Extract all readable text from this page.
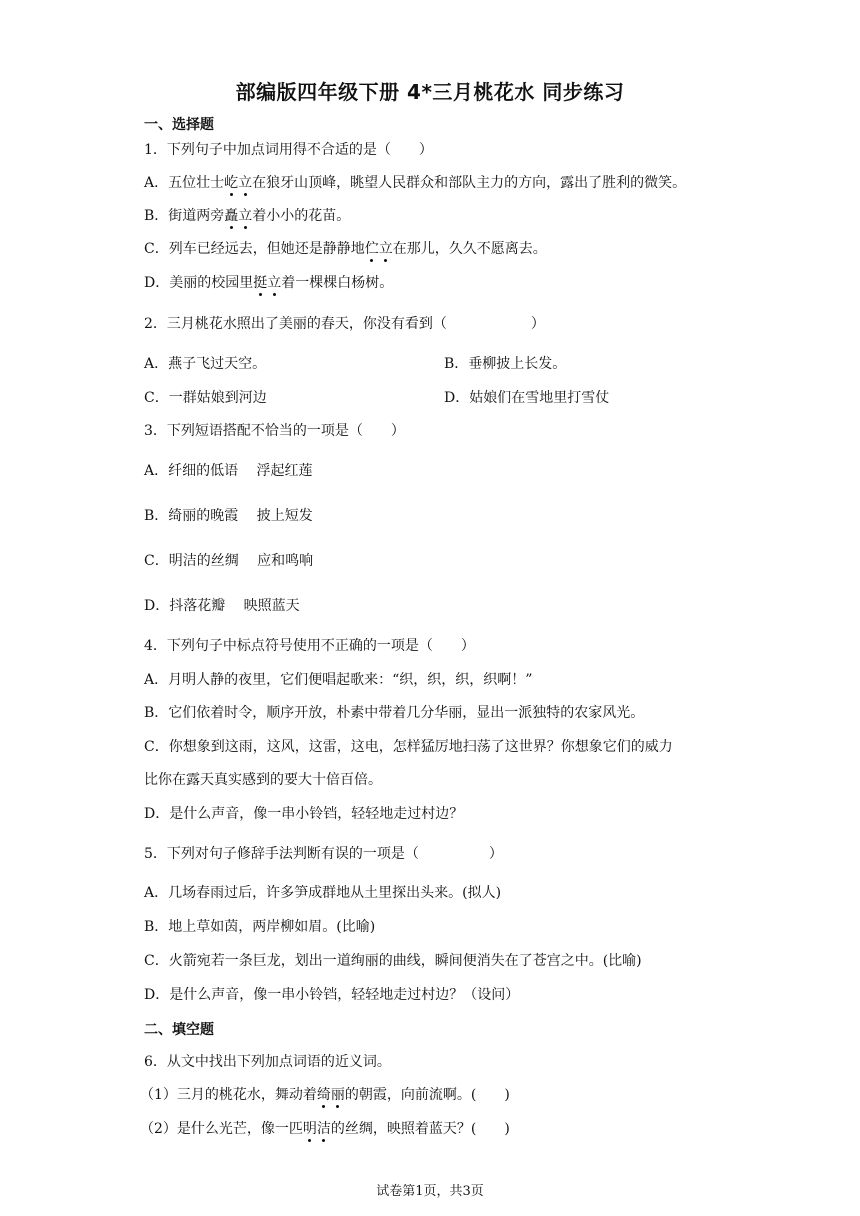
部编版四年级下册 4*三月桃花水 同步练习
一、选择题
1．下列句子中加点词用得不合适的是（　　）
A．五位壮士屹立在狼牙山顶峰，眺望人民群众和部队主力的方向，露出了胜利的微笑。
B．街道两旁矗立着小小的花苗。
C．列车已经远去，但她还是静静地伫立在那儿，久久不愿离去。
D．美丽的校园里挺立着一棵棵白杨树。
2．三月桃花水照出了美丽的春天，你没有看到（　　　　　　）
A．燕子飞过天空。	B．垂柳披上长发。
C．一群姑娘到河边	D．姑娘们在雪地里打雪仗
3．下列短语搭配不恰当的一项是（　　）
A．纤细的低语　 浮起红莲
B．绮丽的晚霞　 披上短发
C．明洁的丝绸　 应和鸣响
D．抖落花瓣　 映照蓝天
4．下列句子中标点符号使用不正确的一项是（　　）
A．月明人静的夜里，它们便唱起歌来：“织，织，织，织啊！”
B．它们依着时令，顺序开放，朴素中带着几分华丽，显出一派独特的农家风光。
C．你想象到这雨，这风，这雷，这电，怎样猛厉地扫荡了这世界？你想象它们的威力
比你在露天真实感到的要大十倍百倍。
D．是什么声音，像一串小铃铛，轻轻地走过村边？
5．下列对句子修辞手法判断有误的一项是（　　　　　）
A．几场春雨过后，许多笋成群地从土里探出头来。(拟人)
B．地上草如茵，两岸柳如眉。(比喻)
C．火箭宛若一条巨龙，划出一道绚丽的曲线，瞬间便消失在了苍宫之中。(比喻)
D．是什么声音，像一串小铃铛，轻轻地走过村边？（设问）
二、填空题
6．从文中找出下列加点词语的近义词。
（1）三月的桃花水，舞动着绮丽的朝霞，向前流啊。(　　)
（2）是什么光芒，像一匹明洁的丝绸，映照着蓝天？(　　)
试卷第1页，共3页
